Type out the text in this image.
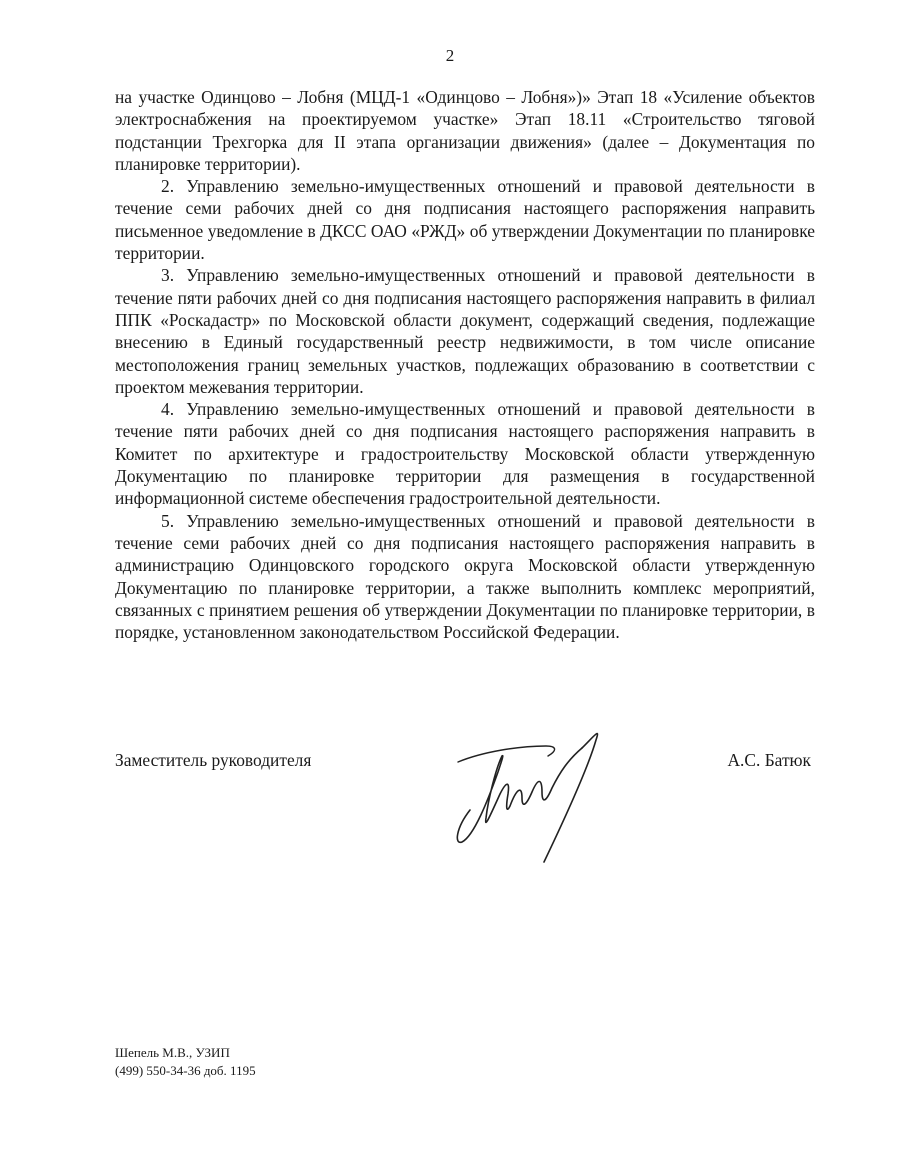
2

на участке Одинцово – Лобня (МЦД-1 «Одинцово – Лобня»)» Этап 18 «Усиление объектов электроснабжения на проектируемом участке» Этап 18.11 «Строительство тяговой подстанции Трехгорка для II этапа организации движения» (далее – Документация по планировке территории).

2. Управлению земельно-имущественных отношений и правовой деятельности в течение семи рабочих дней со дня подписания настоящего распоряжения направить письменное уведомление в ДКСС ОАО «РЖД» об утверждении Документации по планировке территории.

3. Управлению земельно-имущественных отношений и правовой деятельности в течение пяти рабочих дней со дня подписания настоящего распоряжения направить в филиал ППК «Роскадастр» по Московской области документ, содержащий сведения, подлежащие внесению в Единый государственный реестр недвижимости, в том числе описание местоположения границ земельных участков, подлежащих образованию в соответствии с проектом межевания территории.

4. Управлению земельно-имущественных отношений и правовой деятельности в течение пяти рабочих дней со дня подписания настоящего распоряжения направить в Комитет по архитектуре и градостроительству Московской области утвержденную Документацию по планировке территории для размещения в государственной информационной системе обеспечения градостроительной деятельности.

5. Управлению земельно-имущественных отношений и правовой деятельности в течение семи рабочих дней со дня подписания настоящего распоряжения направить в администрацию Одинцовского городского округа Московской области утвержденную Документацию по планировке территории, а также выполнить комплекс мероприятий, связанных с принятием решения об утверждении Документации по планировке территории, в порядке, установленном законодательством Российской Федерации.

Заместитель руководителя	А.С. Батюк
Шепель М.В., УЗИП
(499) 550-34-36 доб. 1195
